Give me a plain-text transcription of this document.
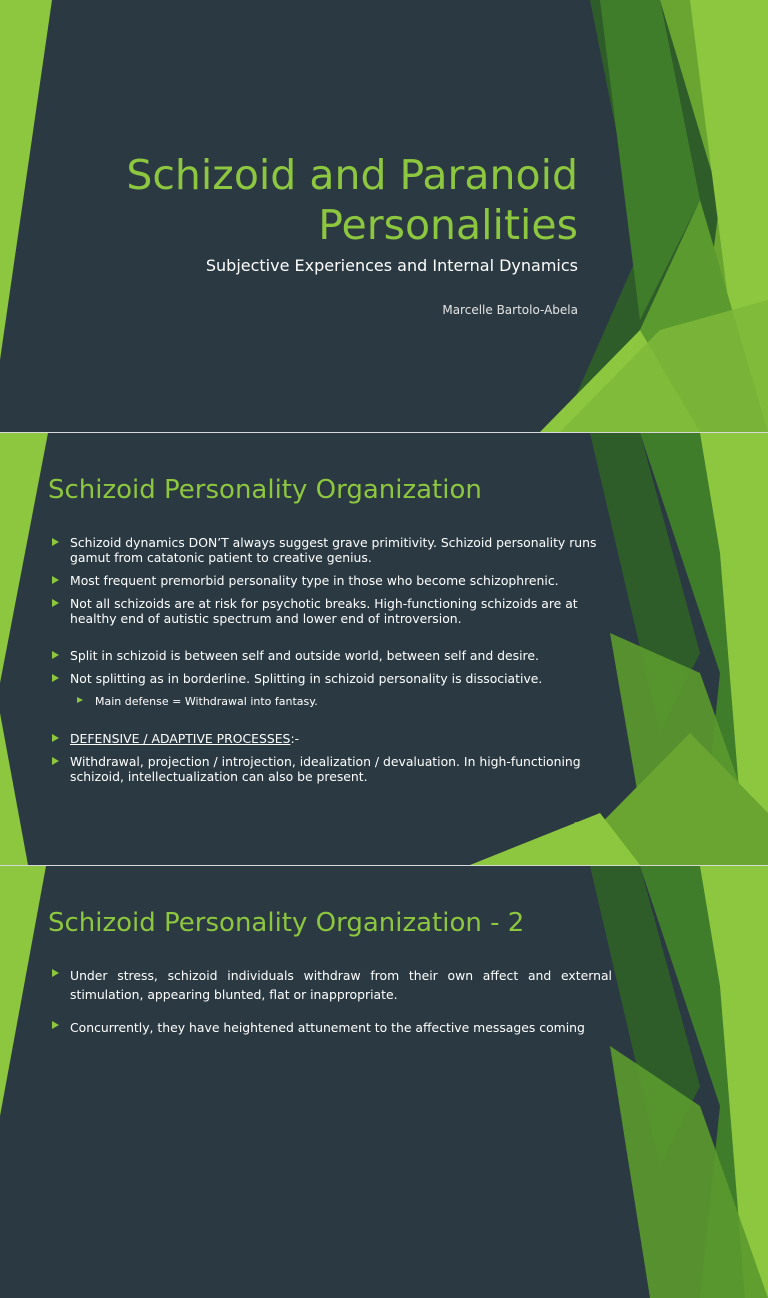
Schizoid and Paranoid
Personalities
Subjective Experiences and Internal Dynamics
Marcelle Bartolo-Abela
Schizoid Personality Organization
Schizoid dynamics DON’T always suggest grave primitivity. Schizoid personality runs gamut from catatonic patient to creative genius.
Most frequent premorbid personality type in those who become schizophrenic.
Not all schizoids are at risk for psychotic breaks. High-functioning schizoids are at healthy end of autistic spectrum and lower end of introversion.
Split in schizoid is between self and outside world, between self and desire.
Not splitting as in borderline. Splitting in schizoid personality is dissociative.
Main defense = Withdrawal into fantasy.
DEFENSIVE / ADAPTIVE PROCESSES:-
Withdrawal, projection / introjection, idealization / devaluation. In high-functioning schizoid, intellectualization can also be present.
2
Schizoid Personality Organization - 2
Under stress, schizoid individuals withdraw from their own affect and external stimulation, appearing blunted, flat or inappropriate.
Concurrently, they have heightened attunement to the affective messages coming
